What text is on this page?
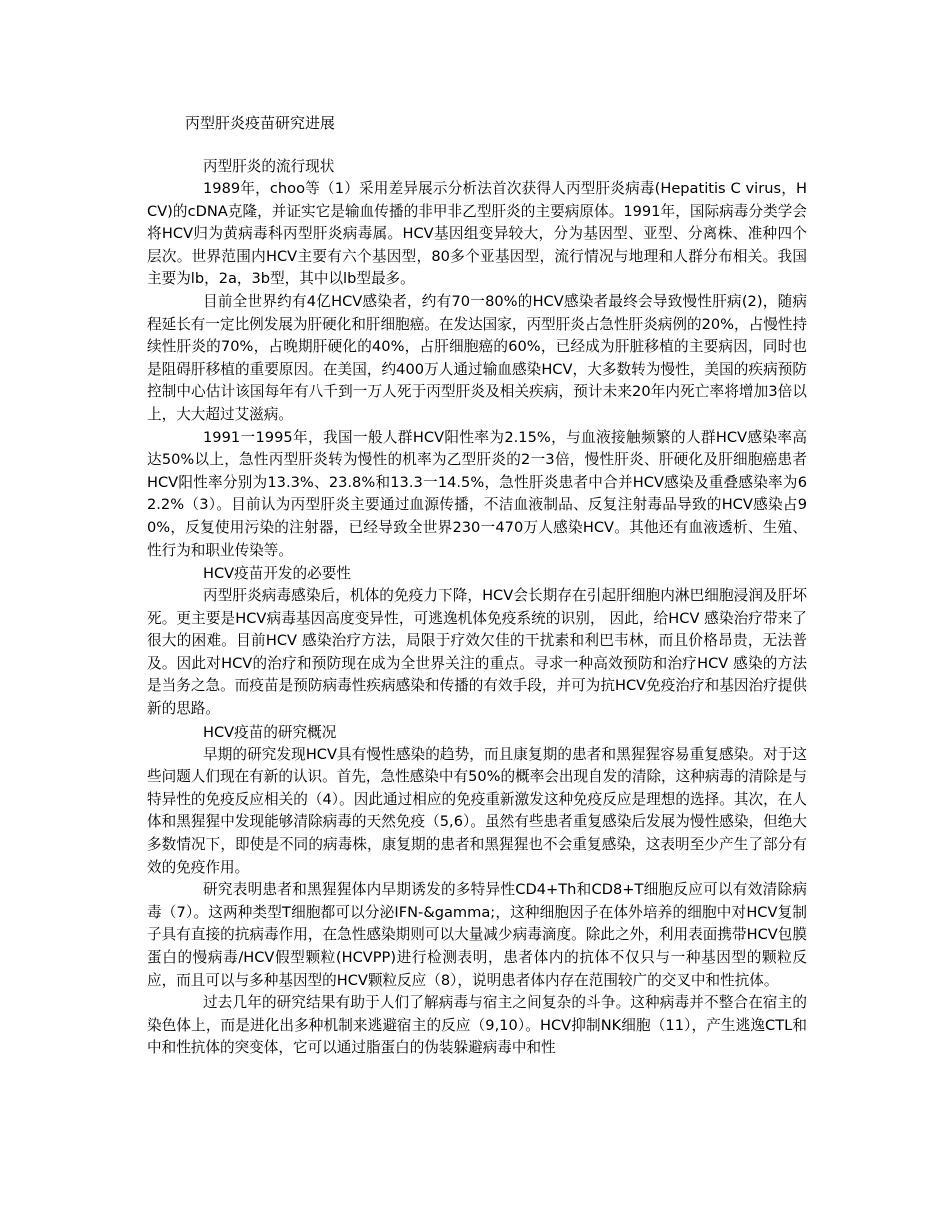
丙型肝炎疫苗研究进展
丙型肝炎的流行现状

1989年，choo等（1）采用差异展示分析法首次获得人丙型肝炎病毒(Hepatitis C virus，HCV)的cDNA克隆，并证实它是输血传播的非甲非乙型肝炎的主要病原体。1991年，国际病毒分类学会将HCV归为黄病毒科丙型肝炎病毒属。HCV基因组变异较大，分为基因型、亚型、分离株、准种四个层次。世界范围内HCV主要有六个基因型，80多个亚基因型，流行情况与地理和人群分布相关。我国主要为lb，2a，3b型，其中以lb型最多。

目前全世界约有4亿HCV感染者，约有70一80%的HCV感染者最终会导致慢性肝病(2)，随病程延长有一定比例发展为肝硬化和肝细胞癌。在发达国家，丙型肝炎占急性肝炎病例的20%，占慢性持续性肝炎的70%，占晚期肝硬化的40%，占肝细胞癌的60%，已经成为肝脏移植的主要病因，同时也是阻碍肝移植的重要原因。在美国，约400万人通过输血感染HCV，大多数转为慢性，美国的疾病预防控制中心估计该国每年有八千到一万人死于丙型肝炎及相关疾病，预计未来20年内死亡率将增加3倍以上，大大超过艾滋病。

1991一1995年，我国一般人群HCV阳性率为2.15%，与血液接触频繁的人群HCV感染率高达50%以上，急性丙型肝炎转为慢性的机率为乙型肝炎的2一3倍，慢性肝炎、肝硬化及肝细胞癌患者HCV阳性率分别为13.3%、23.8%和13.3一14.5%，急性肝炎患者中合并HCV感染及重叠感染率为62.2%（3）。目前认为丙型肝炎主要通过血源传播，不洁血液制品、反复注射毒品导致的HCV感染占90%，反复使用污染的注射器，已经导致全世界230一470万人感染HCV。其他还有血液透析、生殖、性行为和职业传染等。

HCV疫苗开发的必要性

丙型肝炎病毒感染后，机体的免疫力下降，HCV会长期存在引起肝细胞内淋巴细胞浸润及肝坏死。更主要是HCV病毒基因高度变异性，可逃逸机体免疫系统的识别， 因此，给HCV 感染治疗带来了很大的困难。目前HCV 感染治疗方法，局限于疗效欠佳的干扰素和利巴韦林，而且价格昂贵，无法普及。因此对HCV的治疗和预防现在成为全世界关注的重点。寻求一种高效预防和治疗HCV 感染的方法是当务之急。而疫苗是预防病毒性疾病感染和传播的有效手段，并可为抗HCV免疫治疗和基因治疗提供新的思路。

HCV疫苗的研究概况

早期的研究发现HCV具有慢性感染的趋势，而且康复期的患者和黑猩猩容易重复感染。对于这些问题人们现在有新的认识。首先，急性感染中有50%的概率会出现自发的清除，这种病毒的清除是与特异性的免疫反应相关的（4）。因此通过相应的免疫重新激发这种免疫反应是理想的选择。其次，在人体和黑猩猩中发现能够清除病毒的天然免疫（5,6）。虽然有些患者重复感染后发展为慢性感染，但绝大多数情况下，即使是不同的病毒株，康复期的患者和黑猩猩也不会重复感染，这表明至少产生了部分有效的免疫作用。

研究表明患者和黑猩猩体内早期诱发的多特异性CD4+Th和CD8+T细胞反应可以有效清除病毒（7）。这两种类型T细胞都可以分泌IFN-&gamma;，这种细胞因子在体外培养的细胞中对HCV复制子具有直接的抗病毒作用，在急性感染期则可以大量减少病毒滴度。除此之外，利用表面携带HCV包膜蛋白的慢病毒/HCV假型颗粒(HCVPP)进行检测表明，患者体内的抗体不仅只与一种基因型的颗粒反应，而且可以与多种基因型的HCV颗粒反应（8），说明患者体内存在范围较广的交叉中和性抗体。

过去几年的研究结果有助于人们了解病毒与宿主之间复杂的斗争。这种病毒并不整合在宿主的染色体上，而是进化出多种机制来逃避宿主的反应（9,10）。HCV抑制NK细胞（11），产生逃逸CTL和中和性抗体的突变体，它可以通过脂蛋白的伪装躲避病毒中和性
